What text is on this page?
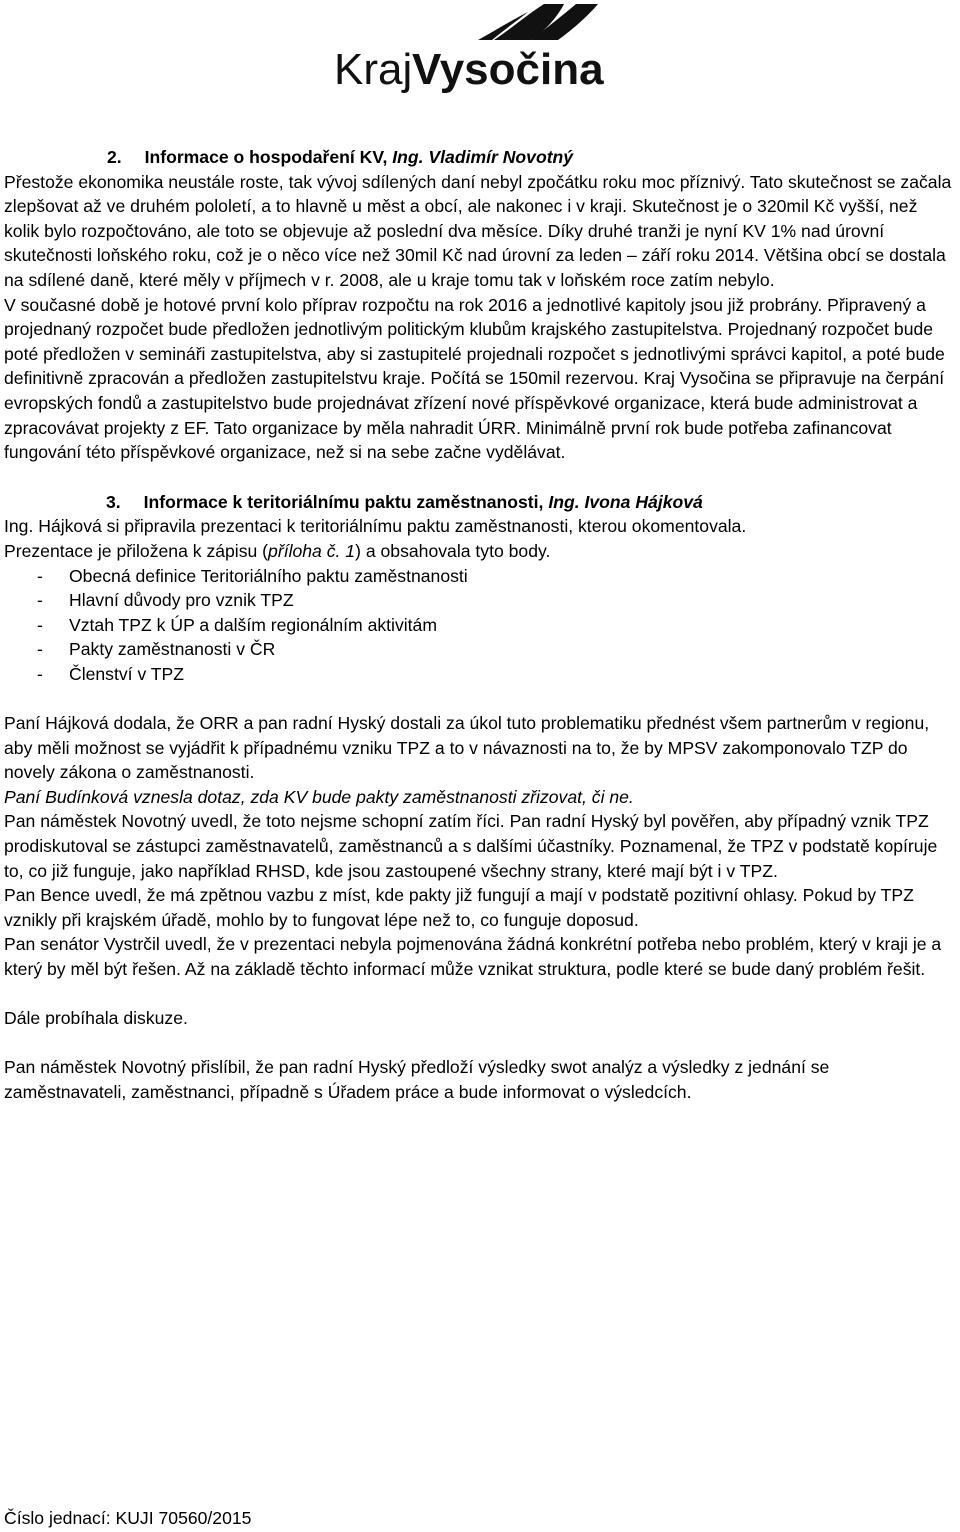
Kraj Vysočina

2. Informace o hospodaření KV, Ing. Vladimír Novotný

Přestože ekonomika neustále roste, tak vývoj sdílených daní nebyl zpočátku roku moc příznivý. Tato skutečnost se začala zlepšovat až ve druhém pololetí, a to hlavně u měst a obcí, ale nakonec i v kraji. Skutečnost je o 320mil Kč vyšší, než kolik bylo rozpočtováno, ale toto se objevuje až poslední dva měsíce. Díky druhé tranži je nyní KV 1% nad úrovní skutečnosti loňského roku, což je o něco více než 30mil Kč nad úrovní za leden – září roku 2014. Většina obcí se dostala na sdílené daně, které měly v příjmech v r. 2008, ale u kraje tomu tak v loňském roce zatím nebylo.

V současné době je hotové první kolo příprav rozpočtu na rok 2016 a jednotlivé kapitoly jsou již probrány. Připravený a projednaný rozpočet bude předložen jednotlivým politickým klubům krajského zastupitelstva. Projednaný rozpočet bude poté předložen v semináři zastupitelstva, aby si zastupitelé projednali rozpočet s jednotlivými správci kapitol, a poté bude definitivně zpracován a předložen zastupitelstvu kraje. Počítá se 150mil rezervou. Kraj Vysočina se připravuje na čerpání evropských fondů a zastupitelstvo bude projednávat zřízení nové příspěvkové organizace, která bude administrovat a zpracovávat projekty z EF. Tato organizace by měla nahradit ÚRR. Minimálně první rok bude potřeba zafinancovat fungování této příspěvkové organizace, než si na sebe začne vydělávat.

3. Informace k teritoriálnímu paktu zaměstnanosti, Ing. Ivona Hájková

Ing. Hájková si připravila prezentaci k teritoriálnímu paktu zaměstnanosti, kterou okomentovala.

Prezentace je přiložena k zápisu (příloha č. 1) a obsahovala tyto body.

-	Obecná definice Teritoriálního paktu zaměstnanosti
-	Hlavní důvody pro vznik TPZ
-	Vztah TPZ k ÚP a dalším regionálním aktivitám
-	Pakty zaměstnanosti v ČR
-	Členství v TPZ

Paní Hájková dodala, že ORR a pan radní Hyský dostali za úkol tuto problematiku přednést všem partnerům v regionu, aby měli možnost se vyjádřit k případnému vzniku TPZ a to v návaznosti na to, že by MPSV zakomponovalo TZP do novely zákona o zaměstnanosti.

Paní Budínková vznesla dotaz, zda KV bude pakty zaměstnanosti zřizovat, či ne.

Pan náměstek Novotný uvedl, že toto nejsme schopní zatím říci. Pan radní Hyský byl pověřen, aby případný vznik TPZ prodiskutoval se zástupci zaměstnavatelů, zaměstnanců a s dalšími účastníky. Poznamenal, že TPZ v podstatě kopíruje to, co již funguje, jako například RHSD, kde jsou zastoupené všechny strany, které mají být i v TPZ.

Pan Bence uvedl, že má zpětnou vazbu z míst, kde pakty již fungují a mají v podstatě pozitivní ohlasy. Pokud by TPZ vznikly při krajském úřadě, mohlo by to fungovat lépe než to, co funguje doposud.

Pan senátor Vystrčil uvedl, že v prezentaci nebyla pojmenována žádná konkrétní potřeba nebo problém, který v kraji je a který by měl být řešen. Až na základě těchto informací může vznikat struktura, podle které se bude daný problém řešit.

Dále probíhala diskuze.

Pan náměstek Novotný přislíbil, že pan radní Hyský předloží výsledky swot analýz a výsledky z jednání se zaměstnavateli, zaměstnanci, případně s Úřadem práce a bude informovat o výsledcích.

Číslo jednací: KUJI 70560/2015
